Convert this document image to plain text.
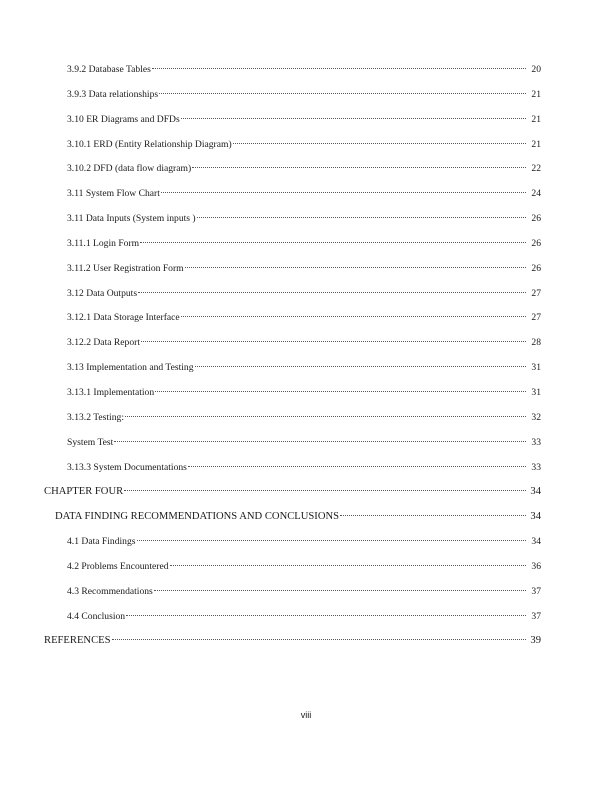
3.9.2 Database Tables	20
3.9.3 Data relationships	21
3.10 ER Diagrams and DFDs	21
3.10.1 ERD (Entity Relationship Diagram)	21
3.10.2 DFD (data flow diagram)	22
3.11 System Flow Chart	24
3.11 Data Inputs (System inputs )	26
3.11.1 Login Form	26
3.11.2 User Registration Form	26
3.12 Data Outputs	27
3.12.1 Data Storage Interface	27
3.12.2 Data Report	28
3.13 Implementation and Testing	31
3.13.1 Implementation	31
3.13.2 Testing:	32
System Test	33
3.13.3 System Documentations	33
CHAPTER FOUR	34
DATA FINDING RECOMMENDATIONS AND CONCLUSIONS	34
4.1 Data Findings	34
4.2 Problems Encountered	36
4.3 Recommendations	37
4.4 Conclusion	37
REFERENCES	39
viii
